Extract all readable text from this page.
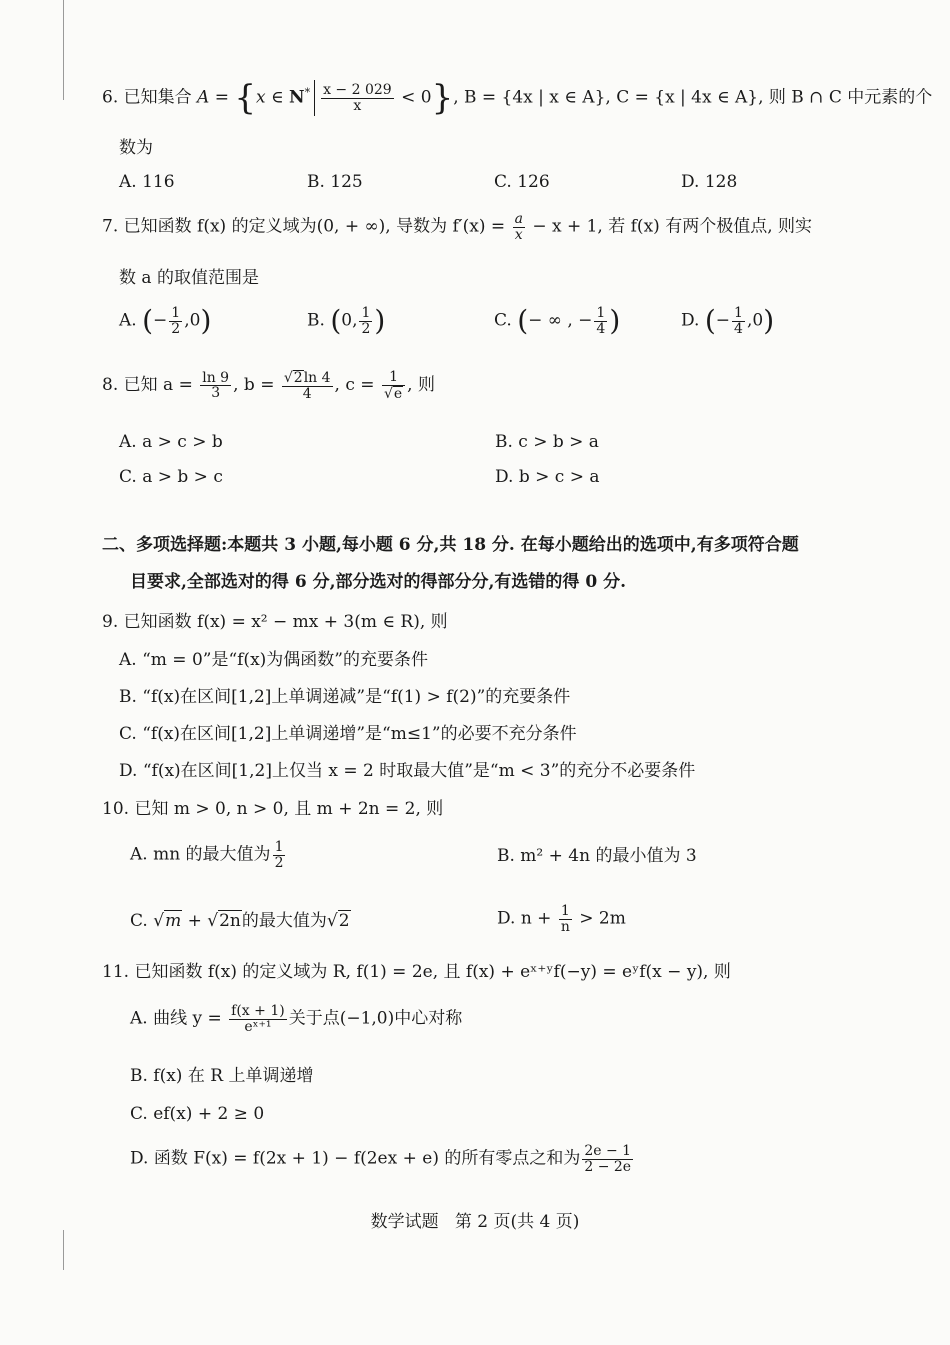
6. 已知集合 A = {x ∈ $N^* \frac{x - 2 029}{x} < 0$}, B = {4x | x ∈ A}, C = {x | 4x ∈ A}, 则 B ∩ C 中元素的个
数为
A. 116	B. 125	C. 126	D. 128
7. 已知函数 f(x) 的定义域为(0, + ∞), 导数为 $f'(x) = \frac{a}{x} - x + 1$, 若 f(x) 有两个极值点, 则实
数 a 的取值范围是
A. (− $\frac{1}{2} ,0$)	B. (0, $\frac{1}{2}$ )	C. (− ∞ , − $\frac{1}{4}$ )	D. (− $\frac{1}{4} ,0$)
8. 已知 $a = \frac{\ln 9}{3}$ , $b = \frac{√2\ln 4}{4}$ , $c = \frac{1}{√e}$ , 则
A. a > c > b	B. c > b > a
C. a > b > c	D. b > c > a
二、多项选择题:本题共 3 小题,每小题 6 分,共 18 分. 在每小题给出的选项中,有多项符合题
目要求,全部选对的得 6 分,部分选对的得部分分,有选错的得 0 分.
9. 已知函数 f(x) = x² − mx + 3(m ∈ R), 则
A. “m = 0”是“f(x)为偶函数”的充要条件
B. “f(x)在区间[1,2]上单调递减”是“f(1) > f(2)”的充要条件
C. “f(x)在区间[1,2]上单调递增”是“m≤1”的必要不充分条件
D. “f(x)在区间[1,2]上仅当 x = 2 时取最大值”是“m < 3”的充分不必要条件
10. 已知 m > 0, n > 0, 且 m + 2n = 2, 则
A. mn 的最大值为 $\frac{1}{2}$	B. m² + 4n 的最小值为 3
C. √m + √2n的最大值为√2	D. $n + \frac{1}{n} > 2m$
11. 已知函数 f(x) 的定义域为 R, f(1) = 2e, 且 f(x) + eˣ⁺ʸf(−y) = eʸf(x − y), 则
A. 曲线 $y = \frac{f(x + 1)}{\text{eˣ⁺¹}}$ 关于点(−1,0)中心对称
B. f(x) 在 R 上单调递增
C. ef(x) + 2 ≥ 0
D. 函数 F(x) = f(2x + 1) − f(2ex + e) 的所有零点之和为 $\frac{2e - 1}{2 - 2e}$
数学试题   第 2 页(共 4 页)
